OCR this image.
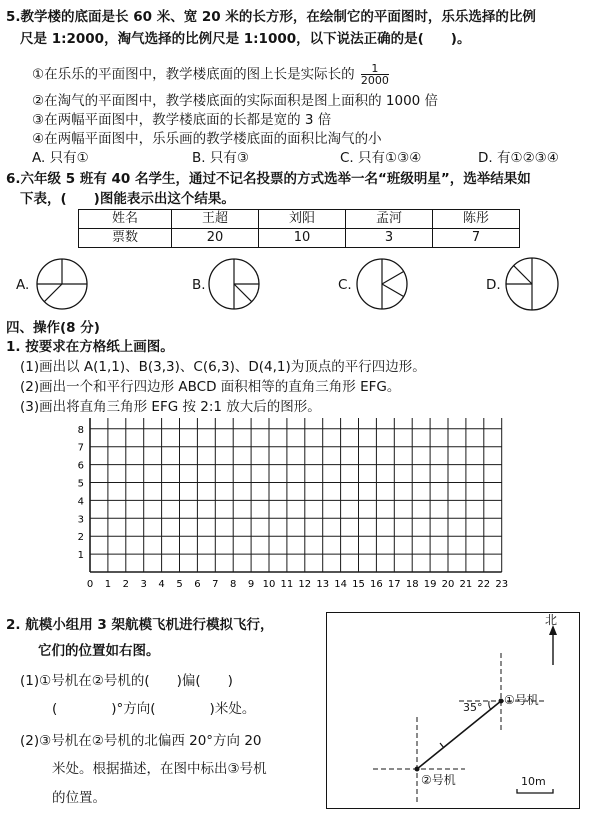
5.教学楼的底面是长 60 米、宽 20 米的长方形，在绘制它的平面图时，乐乐选择的比例
尺是 1:2000，淘气选择的比例尺是 1:1000，以下说法正确的是(　　)。
①在乐乐的平面图中，教学楼底面的图上长是实际长的 $\frac{1}{2000}$
②在淘气的平面图中，教学楼底面的实际面积是图上面积的 1000 倍
③在两幅平面图中，教学楼底面的长都是宽的 3 倍
④在两幅平面图中，乐乐画的教学楼底面的面积比淘气的小
A. 只有①	B. 只有③	C. 只有①③④	D. 有①②③④
6.六年级 5 班有 40 名学生，通过不记名投票的方式选举一名“班级明星”，选举结果如
下表，(　　)图能表示出这个结果。
姓名	王超	刘阳	孟河	陈彤
票数	20	10	3	7
A.	B.	C.	D.
四、操作(8 分)
1. 按要求在方格纸上画图。
(1)画出以 A(1,1)、B(3,3)、C(6,3)、D(4,1)为顶点的平行四边形。
(2)画出一个和平行四边形 ABCD 面积相等的直角三角形 EFG。
(3)画出将直角三角形 EFG 按 2:1 放大后的图形。
8
7
6
5
4
3
2
1
0 1 2 3 4 5 6 7 8 9 10 11 12 13 14 15 16 17 18 19 20 21 22 23
2. 航模小组用 3 架航模飞机进行模拟飞行，
它们的位置如右图。
(1)①号机在②号机的(　　)偏(　　)
(　　　　)°方向(　　　　)米处。
(2)③号机在②号机的北偏西 20°方向 20
米处。根据描述，在图中标出③号机
的位置。
北
①号机
②号机
35°
10m
